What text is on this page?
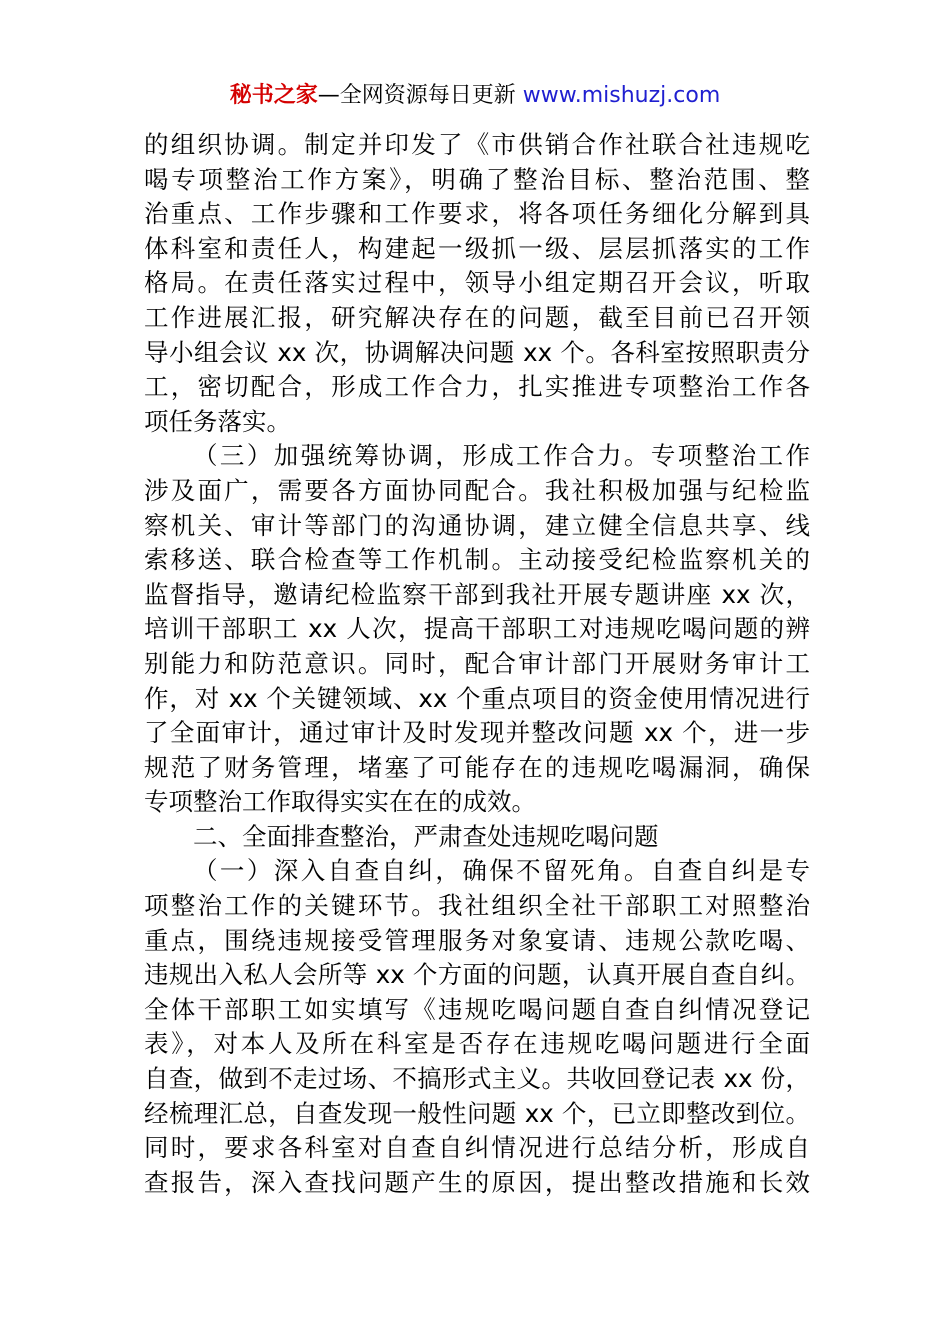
秘书之家—全网资源每日更新 www.mishuzj.com
的组织协调。制定并印发了《市供销合作社联合社违规吃
喝专项整治工作方案》，明确了整治目标、整治范围、整
治重点、工作步骤和工作要求，将各项任务细化分解到具
体科室和责任人，构建起一级抓一级、层层抓落实的工作
格局。在责任落实过程中，领导小组定期召开会议，听取
工作进展汇报，研究解决存在的问题，截至目前已召开领
导小组会议 xx 次，协调解决问题 xx 个。各科室按照职责分
工，密切配合，形成工作合力，扎实推进专项整治工作各
项任务落实。
（三）加强统筹协调，形成工作合力。专项整治工作
涉及面广，需要各方面协同配合。我社积极加强与纪检监
察机关、审计等部门的沟通协调，建立健全信息共享、线
索移送、联合检查等工作机制。主动接受纪检监察机关的
监督指导，邀请纪检监察干部到我社开展专题讲座 xx 次，
培训干部职工 xx 人次，提高干部职工对违规吃喝问题的辨
别能力和防范意识。同时，配合审计部门开展财务审计工
作，对 xx 个关键领域、xx 个重点项目的资金使用情况进行
了全面审计，通过审计及时发现并整改问题 xx 个，进一步
规范了财务管理，堵塞了可能存在的违规吃喝漏洞，确保
专项整治工作取得实实在在的成效。
二、全面排查整治，严肃查处违规吃喝问题
（一）深入自查自纠，确保不留死角。自查自纠是专
项整治工作的关键环节。我社组织全社干部职工对照整治
重点，围绕违规接受管理服务对象宴请、违规公款吃喝、
违规出入私人会所等 xx 个方面的问题，认真开展自查自纠。
全体干部职工如实填写《违规吃喝问题自查自纠情况登记
表》，对本人及所在科室是否存在违规吃喝问题进行全面
自查，做到不走过场、不搞形式主义。共收回登记表 xx 份，
经梳理汇总，自查发现一般性问题 xx 个，已立即整改到位。
同时，要求各科室对自查自纠情况进行总结分析，形成自
查报告，深入查找问题产生的原因，提出整改措施和长效
